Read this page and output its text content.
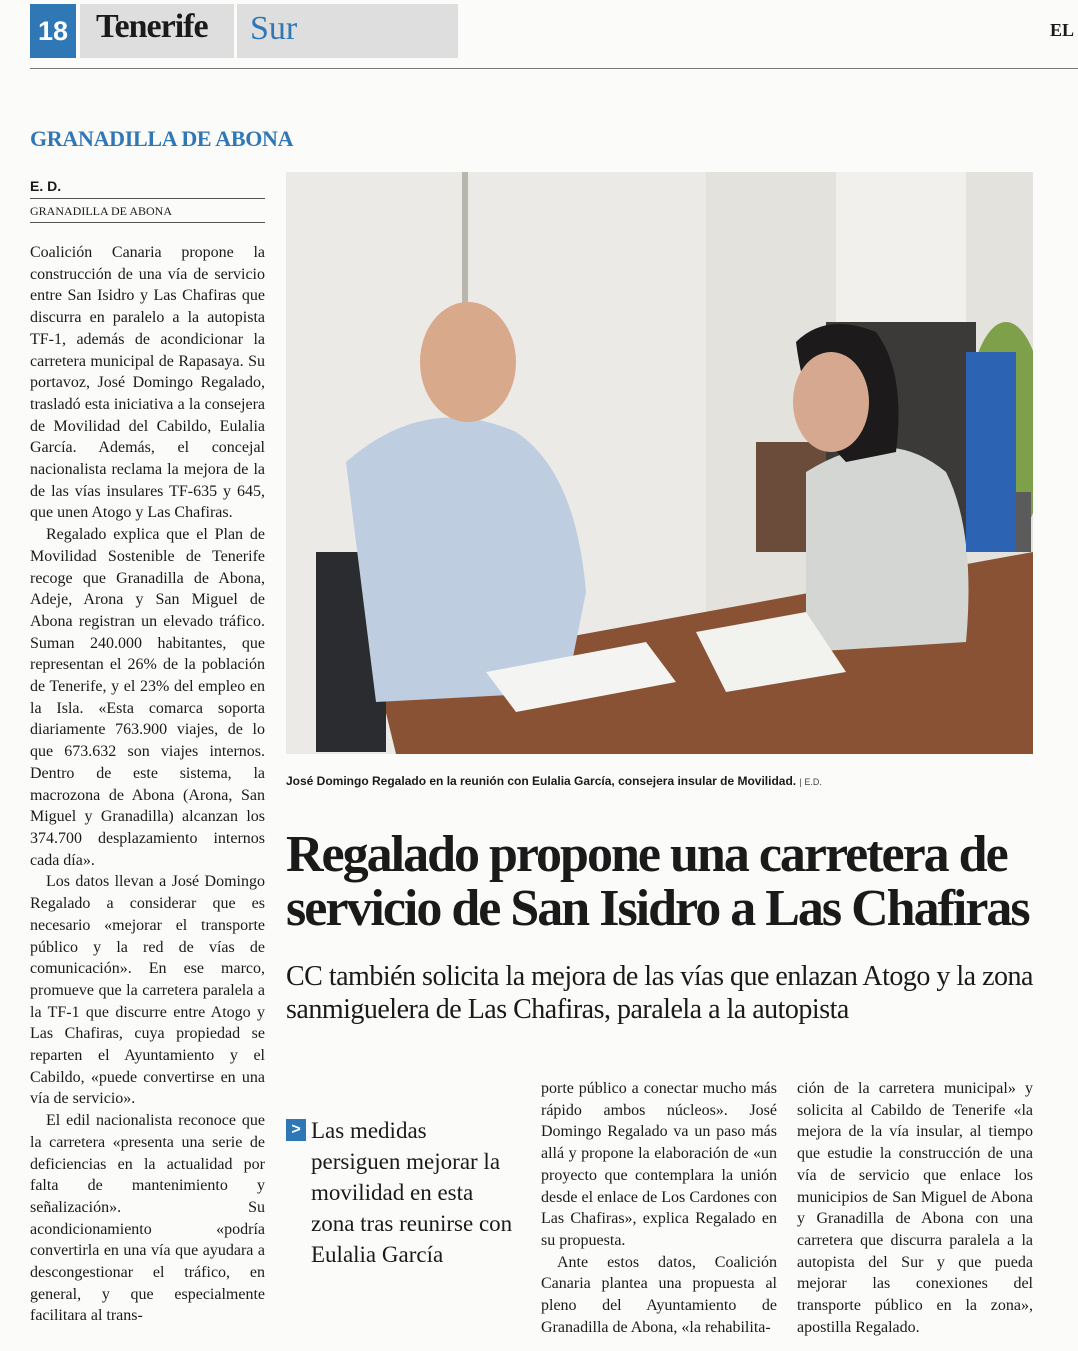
18 Tenerife Sur	EL
GRANADILLA DE ABONA
E. D.
GRANADILLA DE ABONA

Coalición Canaria propone la construcción de una vía de servicio entre San Isidro y Las Chafiras que discurra en paralelo a la autopista TF-1, además de acondicionar la carretera municipal de Rapasaya. Su portavoz, José Domingo Regalado, trasladó esta iniciativa a la consejera de Movilidad del Cabildo, Eulalia García. Además, el concejal nacionalista reclama la mejora de la de las vías insulares TF-635 y 645, que unen Atogo y Las Chafiras.

Regalado explica que el Plan de Movilidad Sostenible de Tenerife recoge que Granadilla de Abona, Adeje, Arona y San Miguel de Abona registran un elevado tráfico. Suman 240.000 habitantes, que representan el 26% de la población de Tenerife, y el 23% del empleo en la Isla. «Esta comarca soporta diariamente 763.900 viajes, de lo que 673.632 son viajes internos. Dentro de este sistema, la macrozona de Abona (Arona, San Miguel y Granadilla) alcanzan los 374.700 desplazamiento internos cada día».

Los datos llevan a José Domingo Regalado a considerar que es necesario «mejorar el transporte público y la red de vías de comunicación». En ese marco, promueve que la carretera paralela a la TF-1 que discurre entre Atogo y Las Chafiras, cuya propiedad se reparten el Ayuntamiento y el Cabildo, «puede convertirse en una vía de servicio».

El edil nacionalista reconoce que la carretera «presenta una serie de deficiencias en la actualidad por falta de mantenimiento y señalización». Su acondicionamiento «podría convertirla en una vía que ayudara a descongestionar el tráfico, en general, y que especialmente facilitara al trans-

José Domingo Regalado en la reunión con Eulalia García, consejera insular de Movilidad. | E.D.
Regalado propone una carretera de servicio de San Isidro a Las Chafiras
CC también solicita la mejora de las vías que enlazan Atogo y la zona sanmiguelera de Las Chafiras, paralela a la autopista
> Las medidas persiguen mejorar la movilidad en esta zona tras reunirse con Eulalia García

porte público a conectar mucho más rápido ambos núcleos». José Domingo Regalado va un paso más allá y propone la elaboración de «un proyecto que contemplara la unión desde el enlace de Los Cardones con Las Chafiras», explica Regalado en su propuesta.

Ante estos datos, Coalición Canaria plantea una propuesta al pleno del Ayuntamiento de Granadilla de Abona, «la rehabilita-

ción de la carretera municipal» y solicita al Cabildo de Tenerife «la mejora de la vía insular, al tiempo que estudie la construcción de una vía de servicio que enlace los municipios de San Miguel de Abona y Granadilla de Abona con una carretera que discurra paralela a la autopista del Sur y que pueda mejorar las conexiones del transporte público en la zona», apostilla Regalado.
